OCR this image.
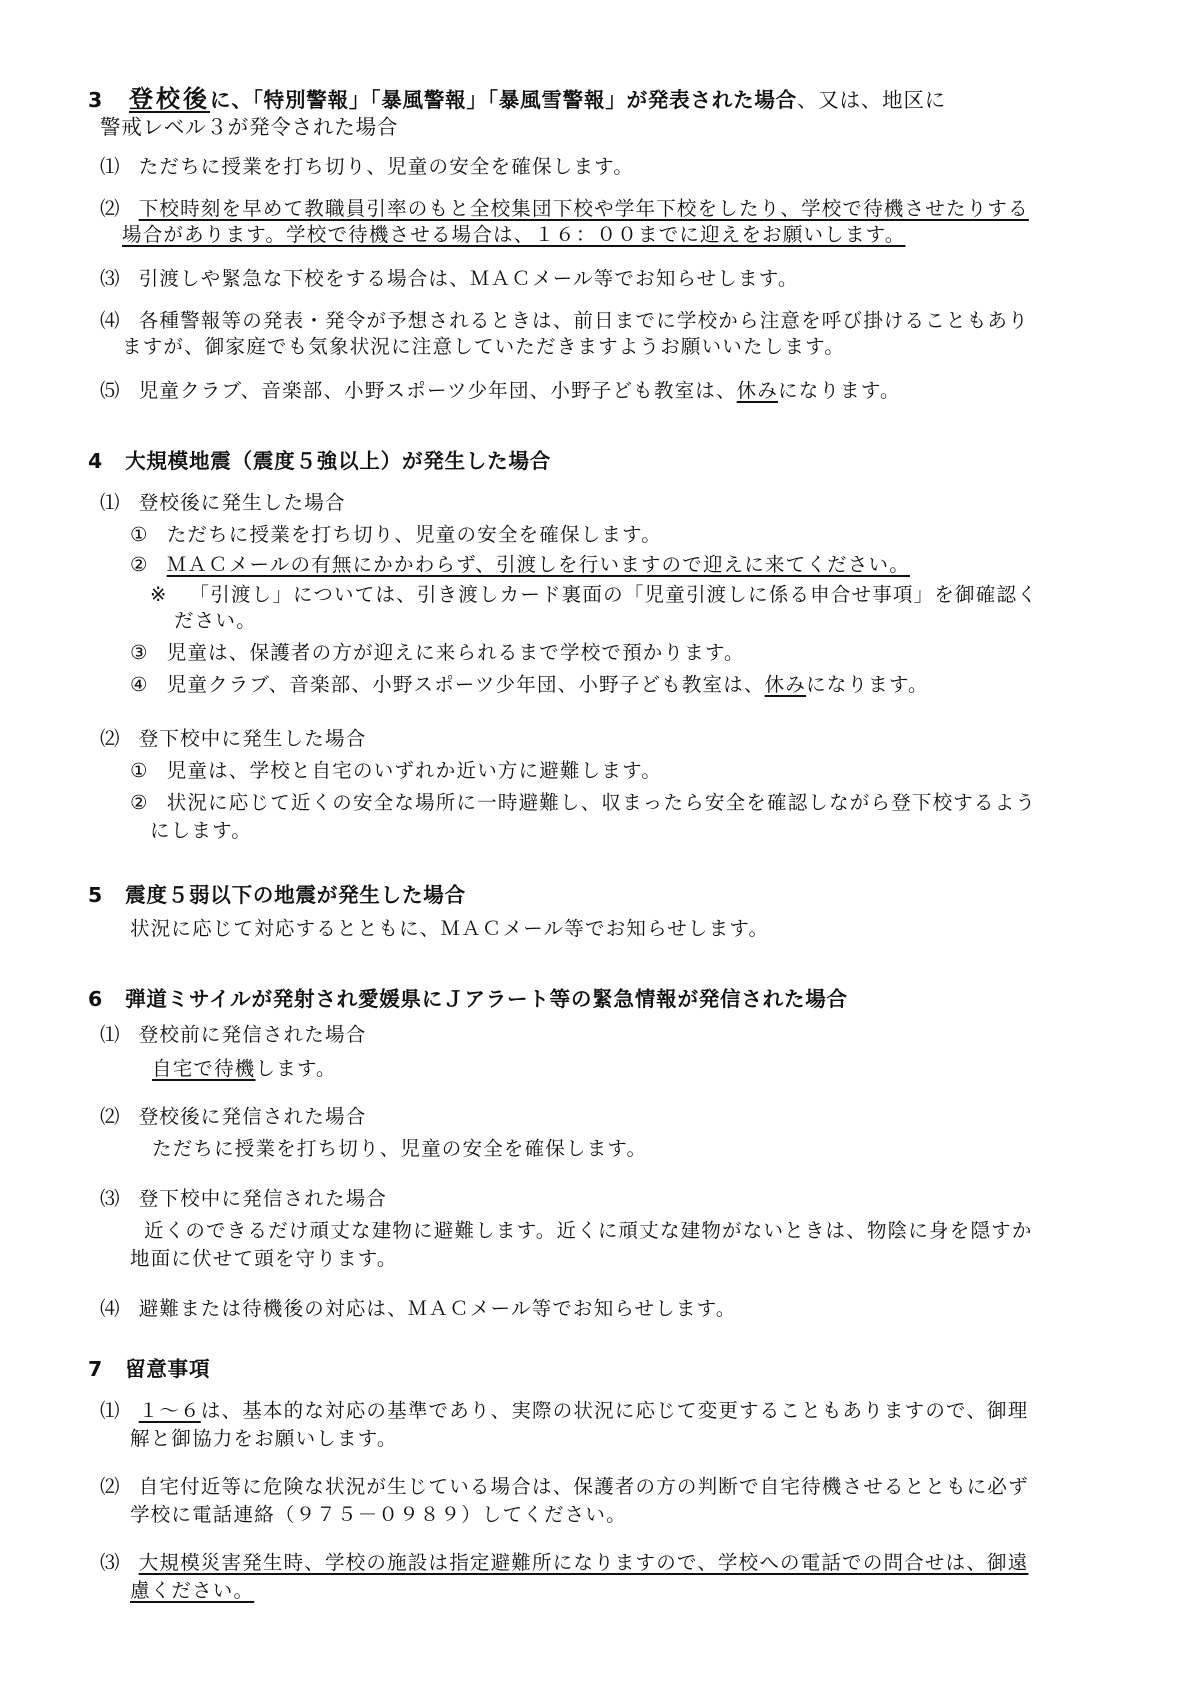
3 登校後に、「特別警報」「暴風警報」「暴風雪警報」が発表された場合、又は、地区に
警戒レベル３が発令された場合
⑴ ただちに授業を打ち切り、児童の安全を確保します。
⑵ 下校時刻を早めて教職員引率のもと全校集団下校や学年下校をしたり、学校で待機させたりする
場合があります。学校で待機させる場合は、１６：００までに迎えをお願いします。
⑶ 引渡しや緊急な下校をする場合は、ＭＡＣメール等でお知らせします。
⑷ 各種警報等の発表・発令が予想されるときは、前日までに学校から注意を呼び掛けることもあり
ますが、御家庭でも気象状況に注意していただきますようお願いいたします。
⑸ 児童クラブ、音楽部、小野スポーツ少年団、小野子ども教室は、休みになります。
4 大規模地震（震度５強以上）が発生した場合
⑴ 登校後に発生した場合
① ただちに授業を打ち切り、児童の安全を確保します。
② ＭＡＣメールの有無にかかわらず、引渡しを行いますので迎えに来てください。
※ 「引渡し」については、引き渡しカード裏面の「児童引渡しに係る申合せ事項」を御確認く
ださい。
③ 児童は、保護者の方が迎えに来られるまで学校で預かります。
④ 児童クラブ、音楽部、小野スポーツ少年団、小野子ども教室は、休みになります。
⑵ 登下校中に発生した場合
① 児童は、学校と自宅のいずれか近い方に避難します。
② 状況に応じて近くの安全な場所に一時避難し、収まったら安全を確認しながら登下校するよう
にします。
5 震度５弱以下の地震が発生した場合
状況に応じて対応するとともに、ＭＡＣメール等でお知らせします。
6 弾道ミサイルが発射され愛媛県にＪアラート等の緊急情報が発信された場合
⑴ 登校前に発信された場合
自宅で待機します。
⑵ 登校後に発信された場合
ただちに授業を打ち切り、児童の安全を確保します。
⑶ 登下校中に発信された場合
近くのできるだけ頑丈な建物に避難します。近くに頑丈な建物がないときは、物陰に身を隠すか
地面に伏せて頭を守ります。
⑷ 避難または待機後の対応は、ＭＡＣメール等でお知らせします。
7 留意事項
⑴ １～６は、基本的な対応の基準であり、実際の状況に応じて変更することもありますので、御理
解と御協力をお願いします。
⑵ 自宅付近等に危険な状況が生じている場合は、保護者の方の判断で自宅待機させるとともに必ず
学校に電話連絡（９７５－０９８９）してください。
⑶ 大規模災害発生時、学校の施設は指定避難所になりますので、学校への電話での問合せは、御遠
慮ください。
